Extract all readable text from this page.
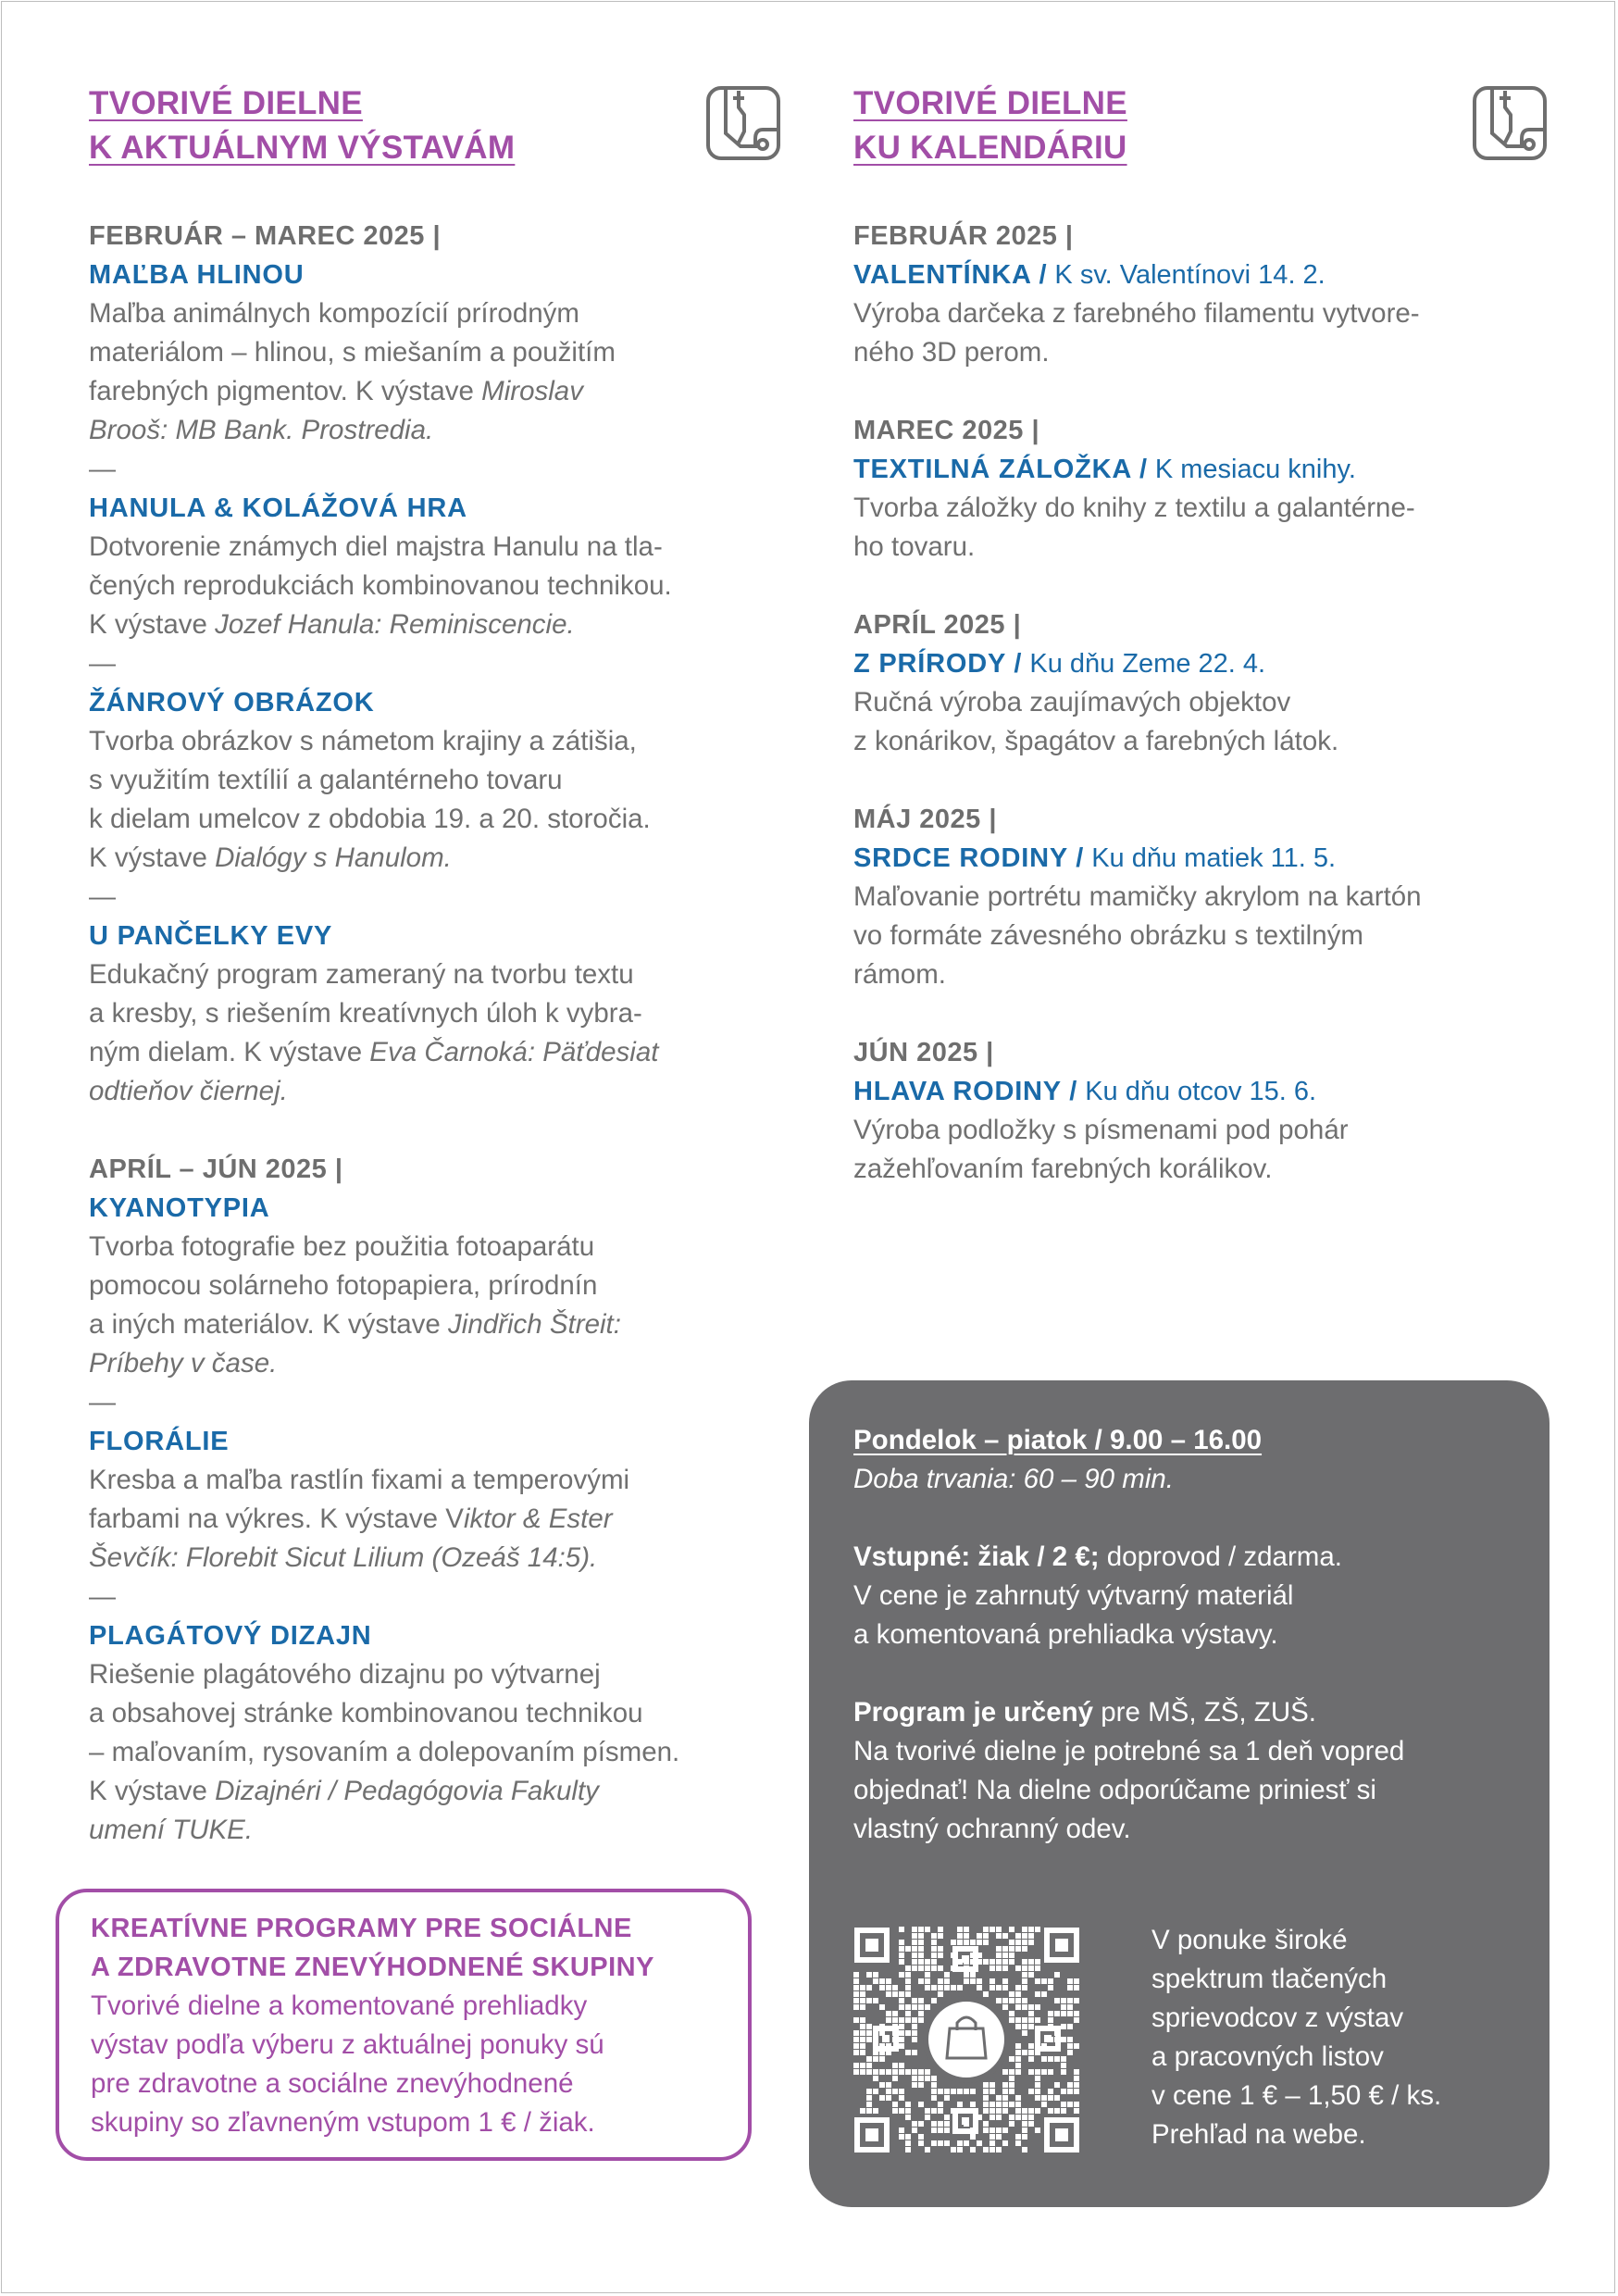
TVORIVÉ DIELNE
K AKTUÁLNYM VÝSTAVÁM
FEBRUÁR – MAREC 2025 |
MAĽBA HLINOU
Maľba animálnych kompozícií prírodným
materiálom – hlinou, s miešaním a použitím
farebných pigmentov. K výstave Miroslav
Brooš: MB Bank. Prostredia.
—
HANULA & KOLÁŽOVÁ HRA
Dotvorenie známych diel majstra Hanulu na tla-
čených reprodukciách kombinovanou technikou.
K výstave Jozef Hanula: Reminiscencie.
—
ŽÁNROVÝ OBRÁZOK
Tvorba obrázkov s námetom krajiny a zátišia,
s využitím textílií a galantérneho tovaru
k dielam umelcov z obdobia 19. a 20. storočia.
K výstave Dialógy s Hanulom.
—
U PANČELKY EVY
Edukačný program zameraný na tvorbu textu
a kresby, s riešením kreatívnych úloh k vybra-
ným dielam. K výstave Eva Čarnoká: Päťdesiat
odtieňov čiernej.
APRÍL – JÚN 2025 |
KYANOTYPIA
Tvorba fotografie bez použitia fotoaparátu
pomocou solárneho fotopapiera, prírodnín
a iných materiálov. K výstave Jindřich Štreit:
Príbehy v čase.
—
FLORÁLIE
Kresba a maľba rastlín fixami a temperovými
farbami na výkres. K výstave Viktor & Ester
Ševčík: Florebit Sicut Lilium (Ozeáš 14:5).
—
PLAGÁTOVÝ DIZAJN
Riešenie plagátového dizajnu po výtvarnej
a obsahovej stránke kombinovanou technikou
– maľovaním, rysovaním a dolepovaním písmen.
K výstave Dizajnéri / Pedagógovia Fakulty
umení TUKE.
TVORIVÉ DIELNE
KU KALENDÁRIU
FEBRUÁR 2025 |
VALENTÍNKA / K sv. Valentínovi 14. 2.
Výroba darčeka z farebného filamentu vytvore-
ného 3D perom.
MAREC 2025 |
TEXTILNÁ ZÁLOŽKA / K mesiacu knihy.
Tvorba záložky do knihy z textilu a galantérne-
ho tovaru.
APRÍL 2025 |
Z PRÍRODY / Ku dňu Zeme 22. 4.
Ručná výroba zaujímavých objektov
z konárikov, špagátov a farebných látok.
MÁJ 2025 |
SRDCE RODINY / Ku dňu matiek 11. 5.
Maľovanie portrétu mamičky akrylom na kartón
vo formáte závesného obrázku s textilným
rámom.
JÚN 2025 |
HLAVA RODINY / Ku dňu otcov 15. 6.
Výroba podložky s písmenami pod pohár
zažehľovaním farebných korálikov.
KREATÍVNE PROGRAMY PRE SOCIÁLNE
A ZDRAVOTNE ZNEVÝHODNENÉ SKUPINY
Tvorivé dielne a komentované prehliadky
výstav podľa výberu z aktuálnej ponuky sú
pre zdravotne a sociálne znevýhodnené
skupiny so zľavneným vstupom 1 € / žiak.
Pondelok – piatok / 9.00 – 16.00
Doba trvania: 60 – 90 min.

Vstupné: žiak / 2 €; doprovod / zdarma.
V cene je zahrnutý výtvarný materiál
a komentovaná prehliadka výstavy.

Program je určený pre MŠ, ZŠ, ZUŠ.
Na tvorivé dielne je potrebné sa 1 deň vopred
objednať! Na dielne odporúčame priniesť si
vlastný ochranný odev.
V ponuke široké
spektrum tlačených
sprievodcov z výstav
a pracovných listov
v cene 1 € – 1,50 € / ks.
Prehľad na webe.
